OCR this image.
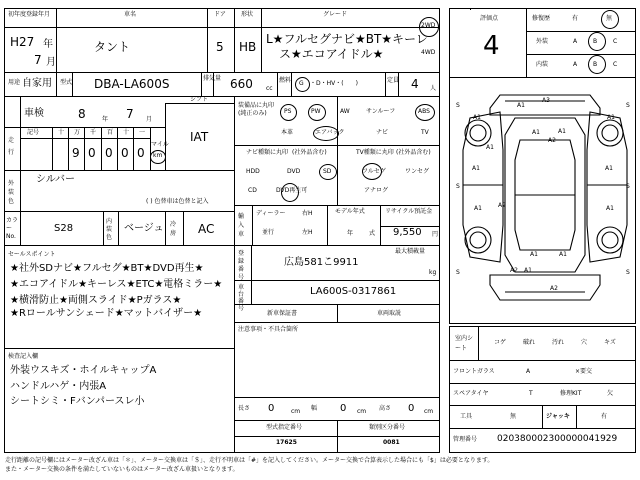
初年度登録年月
H27 年
7 月
車名
タント
ドア
5
形状
HB
グレード
L★フルセグナビ★BT★キーレ
ス★エコアイドル★
2WD
4WD
用途 自家用 型式 DBA-LA600S	排気量 660 cc
燃料 G ・D・HV・(　　)	定員 4 人
車検	8	年 7 月
シフト
IAT
走行
記号	十 万 千 百 十 一
9 0 0 0 0
マイル
km
外装色
シルバー
( ) 色替車は色替と記入
カラーNo.
S28
内装色
ベージュ 冷房 AC
セールスポイント
★社外SDナビ★フルセグ★BT★DVD再生★
★エコアイドル★キーレス★ETC★電格ミラー★
★横滑防止★両側スライド★Pガラス★
★Rロールサンシェード★マットバイザー★
検査記入欄
外装ウスキズ・ホイルキャップA
ハンドルハゲ・内張A
シートシミ・Fバンパースレ小
装備品に丸印
(純正のみ)	PS	PW	AW	サンルーフ	ABS
本革	エアバック	ナビ	TV
ナビ種類に丸印 (社外品含む)
HDD	DVD	SD
CD	DVD再生可
TV種類に丸印 (社外品含む)
フルセグ	ワンセグ
アナログ
輸入車
ディーラー
並行
右H
左H
モデル年式
年	式
リサイクル預託金
9,550 円
最大積載量
kg
登録番号
広島581こ9911
車台番号
LA600S-0317861
新車保証書	車両取説
注意事項・不具合箇所
長さ 0	cm 幅 0 cm 高さ 0 cm
型式指定番号
17625
類別区分番号
0081
評価点
4
修復歴	有	無
外装	A	B	C
内装	A	B	C
S	S
S	S
S	S
A3
A1
A1	A1
A1
A1	A1
A1	A1
A1	A1
A1	A1
A1
A2
A2
A2
A2
室内シート
コゲ	破れ	汚れ	穴	キズ
フロントガラス	A	×要交
スペアタイヤ	T	修理KIT	欠
工具	無	ジャッキ	有
管理番号 020380002300000041929
走行距離の記号欄にはメーター改ざん車は「＊」、メーター交換車は「＄」、走行不明車は「#」を記入してください。メーター交換で合算表示した場合にも「$」は必要となります。
また・メーター交換の条件を満たしていないものはメーター改ざん車扱いとなります。
